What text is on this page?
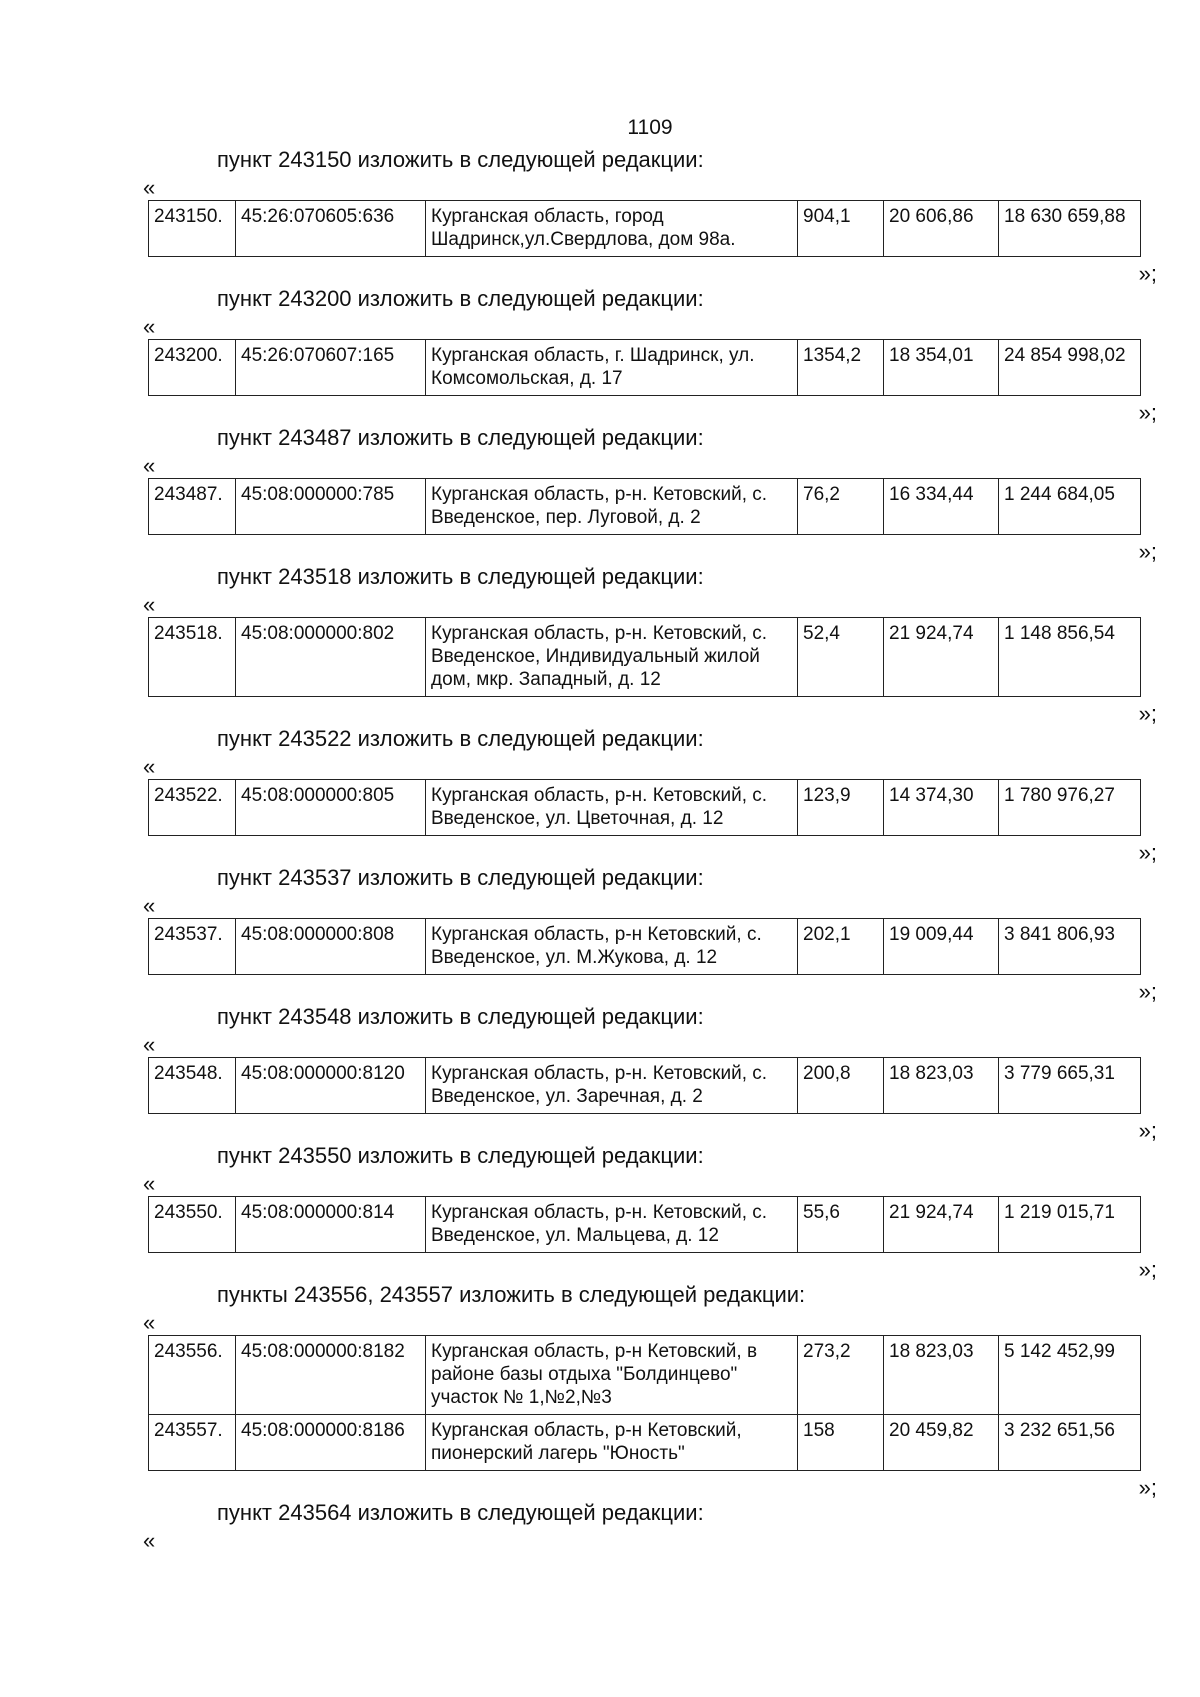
1109
пункт 243150 изложить в следующей редакции:
«
243150.	45:26:070605:636	Курганская область, город Шадринск,ул.Свердлова, дом 98а.	904,1	20 606,86	18 630 659,88
»;
пункт 243200 изложить в следующей редакции:
«
243200.	45:26:070607:165	Курганская область, г. Шадринск, ул. Комсомольская, д. 17	1354,2	18 354,01	24 854 998,02
»;
пункт 243487 изложить в следующей редакции:
«
243487.	45:08:000000:785	Курганская область, р-н. Кетовский, с. Введенское, пер. Луговой, д. 2	76,2	16 334,44	1 244 684,05
»;
пункт 243518 изложить в следующей редакции:
«
243518.	45:08:000000:802	Курганская область, р-н. Кетовский, с. Введенское, Индивидуальный жилой дом, мкр. Западный, д. 12	52,4	21 924,74	1 148 856,54
»;
пункт 243522 изложить в следующей редакции:
«
243522.	45:08:000000:805	Курганская область, р-н. Кетовский, с. Введенское, ул. Цветочная, д. 12	123,9	14 374,30	1 780 976,27
»;
пункт 243537 изложить в следующей редакции:
«
243537.	45:08:000000:808	Курганская область, р-н Кетовский, с. Введенское, ул. М.Жукова, д. 12	202,1	19 009,44	3 841 806,93
»;
пункт 243548 изложить в следующей редакции:
«
243548.	45:08:000000:8120	Курганская область, р-н. Кетовский, с. Введенское, ул. Заречная, д. 2	200,8	18 823,03	3 779 665,31
»;
пункт 243550 изложить в следующей редакции:
«
243550.	45:08:000000:814	Курганская область, р-н. Кетовский, с. Введенское, ул. Мальцева, д. 12	55,6	21 924,74	1 219 015,71
»;
пункты 243556, 243557 изложить в следующей редакции:
«
243556.	45:08:000000:8182	Курганская область, р-н Кетовский, в районе базы отдыха "Болдинцево" участок № 1,№2,№3	273,2	18 823,03	5 142 452,99
243557.	45:08:000000:8186	Курганская область, р-н Кетовский, пионерский лагерь "Юность"	158	20 459,82	3 232 651,56
»;
пункт 243564 изложить в следующей редакции:
«
